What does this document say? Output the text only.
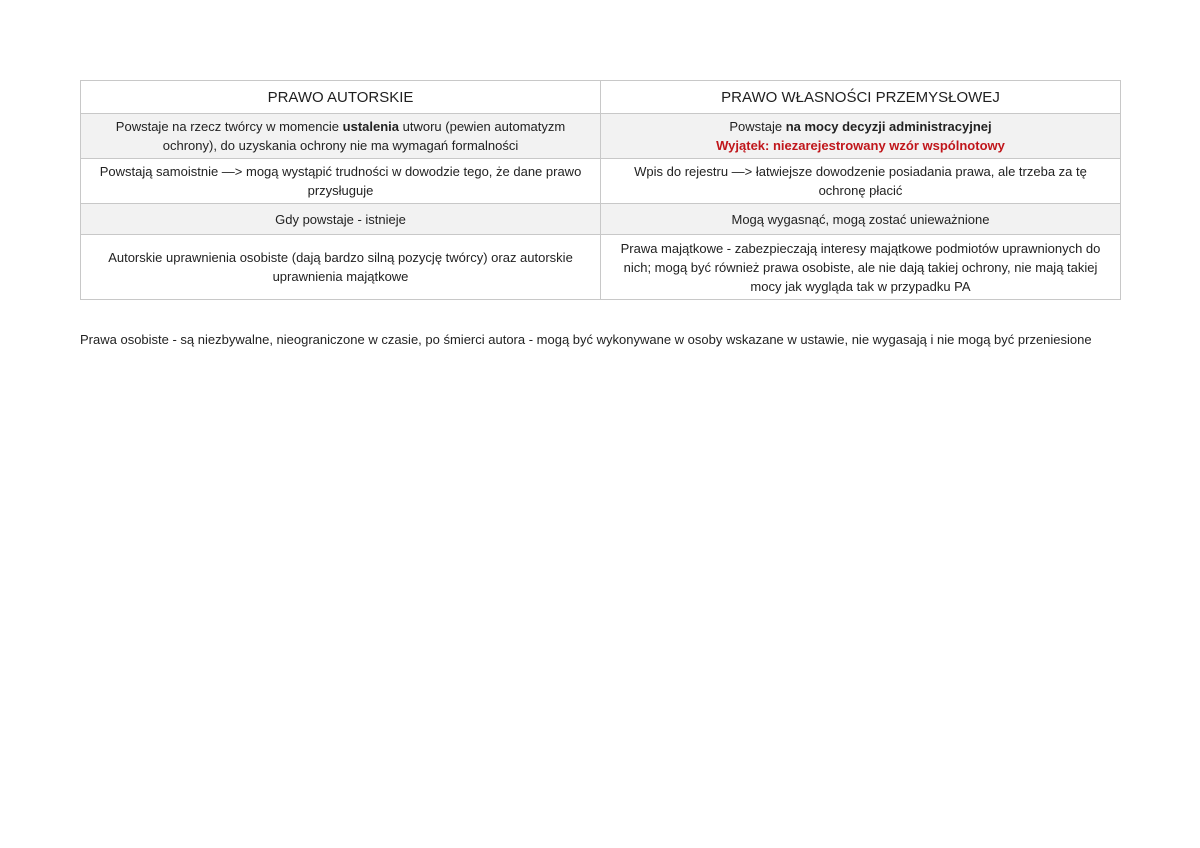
PRAWO AUTORSKIE	PRAWO WŁASNOŚCI PRZEMYSŁOWEJ
Powstaje na rzecz twórcy w momencie ustalenia utworu (pewien automatyzm ochrony), do uzyskania ochrony nie ma wymagań formalności	Powstaje na mocy decyzji administracyjnej
Wyjątek: niezarejestrowany wzór wspólnotowy
Powstają samoistnie —> mogą wystąpić trudności w dowodzie tego, że dane prawo przysługuje	Wpis do rejestru —> łatwiejsze dowodzenie posiadania prawa, ale trzeba za tę ochronę płacić
Gdy powstaje - istnieje	Mogą wygasnąć, mogą zostać unieważnione
Autorskie uprawnienia osobiste (dają bardzo silną pozycję twórcy) oraz autorskie uprawnienia majątkowe	Prawa majątkowe - zabezpieczają interesy majątkowe podmiotów uprawnionych do nich; mogą być również prawa osobiste, ale nie dają takiej ochrony, nie mają takiej mocy jak wygląda tak w przypadku PA

Prawa osobiste - są niezbywalne, nieograniczone w czasie, po śmierci autora - mogą być wykonywane w osoby wskazane w ustawie, nie wygasają i nie mogą być przeniesione
